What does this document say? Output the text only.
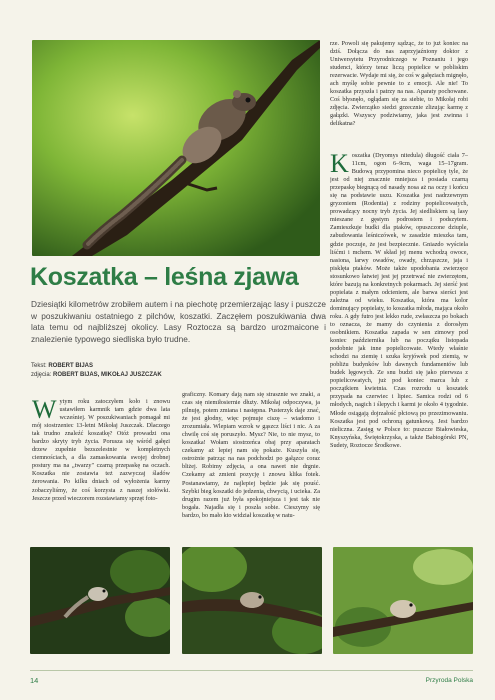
rze. Powoli się pakujemy sądząc, że to już koniec na dziś. Dołącza do nas zaprzyjaźniony doktor z Uniwersytetu Przyrodniczego w Poznaniu i jego studenci, którzy teraz liczą popielice w pobliskim rezerwacie. Wydaje mi się, że coś w gałęziach mignęło, ach myślę sobie pewnie to z emocji. Ale nie! To koszatka przyszła i patrzy na nas. Aparaty pochowane. Coś błysnęło, ogłądam się za siebie, to Mikołaj robi zdjęcia. Zwierzątko siedzi grzecznie zlizując karmę z gałązki. Wszyscy podziwiamy, jaka jest zwinna i delikatna?
Koszatka (Dryomys nitedula) długość ciała 7–11cm, ogon 6–9cm, waga 15–17gram. Budową przypomina nieco popielicę tyle, że jest od niej znacznie mniejsza i posiada czarną przepaskę biegnącą od nasady nosa aż na oczy i końcu się na podstawie uszu. Koszatka jest nadrzewnym gryzoniem (Rodentia) z rodziny popielicowatych, prowadzący nocny tryb życia. Jej siedliskiem są lasy mieszane z gęstym podrostem i podszytem. Zamieszkuje budki dla ptaków, opuszczone dziuple, zabudowania leśniczówek, w zasadzie mieszka tam, gdzie poczuje, że jest bezpiecznie. Gniazdo wyściela liśćmi i mchem. W skład jej menu wchodzą owoce, nasiona, larwy owadów, owady, chrząszcze, jaja i pisklęta ptaków. Może także upodobania zwierzęce stosunkowo łatwiej jest jej przetrwać nie zwierzętom, które bazują na konkretnych pokarmach. Jej sierść jest popielata z małym odcieniem, ale barwa sierści jest zależna od wieku. Koszatka, która ma kolor dominujący popielaty, to koszatka młoda, mająca około roku. A gdy futro jest lekko rude, zwłaszcza po bokach to oznacza, że mamy do czynienia z dorosłym osobnikiem. Koszatka zapada w sen zimowy pod koniec października lub na początku listopada podobnie jak inne popielicowate. Wtedy właśnie schodzi na ziemię i szuka kryjówek pod ziemią, w pobliżu budynków lub dawnych fundamentów lub budek lęgowych. Ze snu budzi się jako pierwsza z popielicowatych, już pod koniec marca lub z początkiem kwietnia. Czas rozrodu u koszatek przypada na czerwiec i lipiec. Samica rodzi od 6 młodych, nagich i ślepych i karmi je około 4 tygodnie. Młode osiągają dojrzałość płciową po przezimowaniu. Koszatka jest pod ochroną gatunkową. Jest bardzo nieliczna. Zasięg w Polsce to: puszcze Białowieska, Knyszyńska, Świętokrzyska, a także Babiogórski PN, Sudety, Roztocze Środkowe.
Koszatka – leśna zjawa
Dziesiątki kilometrów zrobiłem autem i na piechotę przemierzając lasy i puszcze w poszukiwaniu ostatniego z pilchów, koszatki. Zaczęłem poszukiwania dwa lata temu od najbliższej okolicy. Lasy Roztocza są bardzo urozmaicone i znalezienie typowego siedliska było trudne.
Tekst: ROBERT BIJAS
zdjęcia: ROBERT BIJAS, MIKOŁAJ JUSZCZAK
Wytym roku zatoczyłem koło i znowu ustawiłem karmnik tam gdzie dwa lata wcześniej. W poszukiwaniach pomagał mi mój siostrzeniec 13-letni Mikołaj Juszczak. Dlaczego tak trudno znaleźć koszatkę? Otóż prowadzi ona bardzo skryty tryb życia. Porusza się wśród gałęzi drzew zupełnie bezszelestnie w kompletnych ciemnościach, a dla zamaskowania swojej drobnej postury ma na „twarzy" czarną przepaskę na oczach. Koszatka nie zostawia też zazwyczaj śladów żerowania. Po kilku dniach od wyłożenia karmy zobaczyliśmy, że coś korzysta z naszej stołówki. Jeszcze przed wieczorem rozstawiamy sprzęt foto-
graficzny. Komary dają nam się strasznie we znaki, a czas się niemiłosiernie dłuży. Mikołaj odpoczywa, ja pilnuję, potem zmiana i następna. Pusterzyk daje znać, że jest głodny, więc pojmuje ciszę – wiadomo i zrozumiała. Wlepiam wzrok w gąszcz liści i nic. A za chwilę coś się poruszyło. Mysz? Nie, to nie mysz, to koszatka! Wołam siostrzeńca obaj przy aparatach czekamy aż lepiej nam się pokaże. Kuszyła się, ostrożnie patrząc na nas podchodzi po gałązce coraz bliżej. Robimy zdjęcia, a ona nawet nie drgnie. Czekamy aż zmieni pozycję i znowu klika fotek. Postanawiamy, że najlepiej będzie jak się pouść. Szybki bieg koszatki do jedzenia, chwycią, i ucieka. Za drugim razem już była spokojniejsza i jest tak nie bogała. Najadła się i poszła sobie. Cieszymy się bardzo, bo mało kto widział koszatkę w natu-
14	Przyroda Polska
